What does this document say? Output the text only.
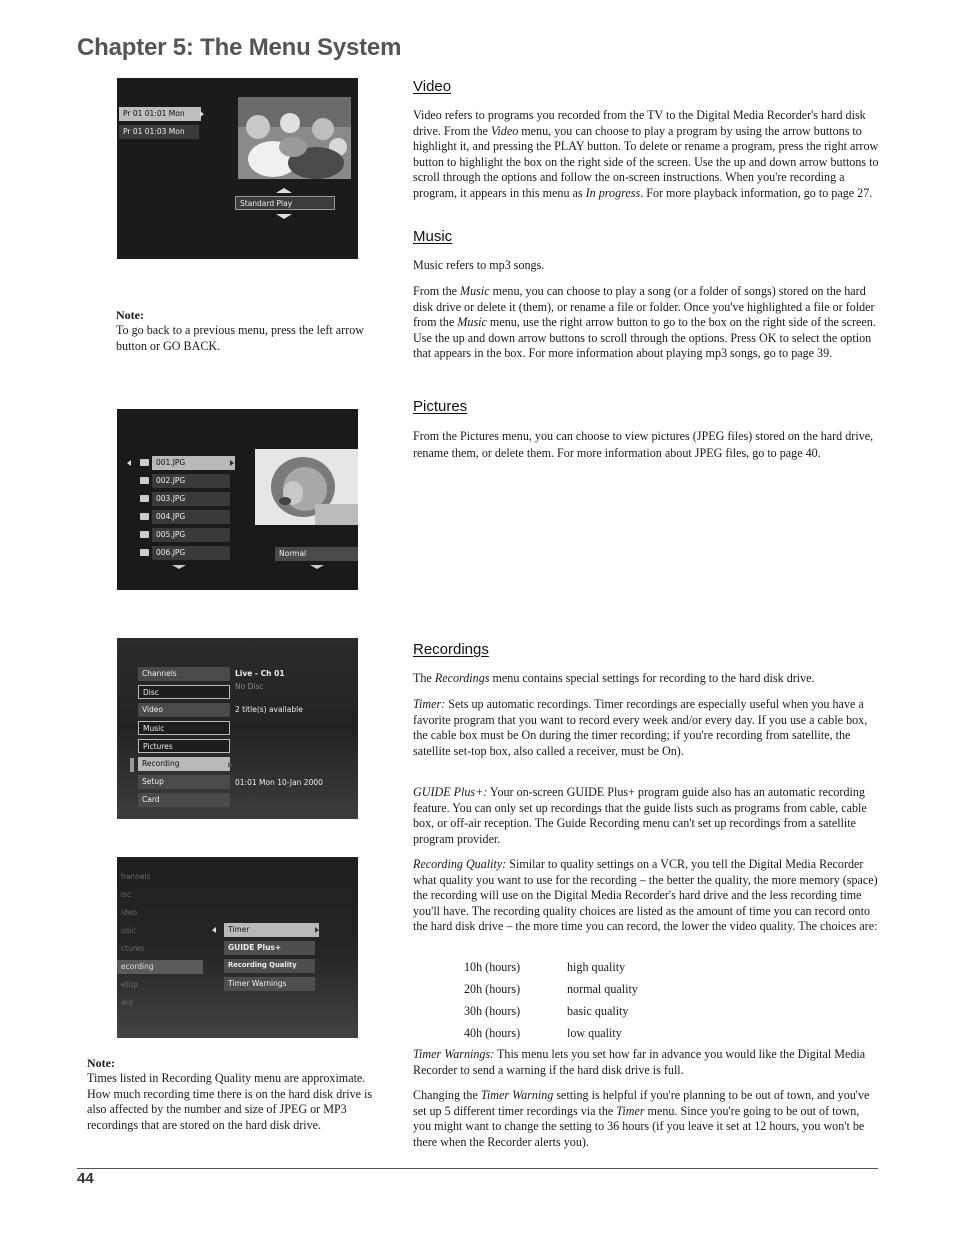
Chapter 5: The Menu System
Pr 01 01:01 Mon
Pr 01 01:03 Mon
Standard Play
Note:

To go back to a previous menu, press the left arrow button or GO BACK.

001.JPG
002.JPG
003.JPG
004.JPG
005.JPG
006.JPG	Normal
Channels
Disc
Video
Music
Pictures
Recording
Setup
Card
Live - Ch 01
No Disc
2 title(s) available
01:01 Mon 10-Jan 2000
hannels
isc
ideo
usic
ctures
ecording
etup
ard
Timer
GUIDE Plus+
Recording Quality
Timer Warnings
Note:

Times listed in Recording Quality menu are approximate. How much recording time there is on the hard disk drive is also affected by the number and size of JPEG or MP3 recordings that are stored on the hard disk drive.

Video

Video refers to programs you recorded from the TV to the Digital Media Recorder's hard disk drive. From the Video menu, you can choose to play a program by using the arrow buttons to highlight it, and pressing the PLAY button. To delete or rename a program, press the right arrow button to highlight the box on the right side of the screen. Use the up and down arrow buttons to scroll through the options and follow the on-screen instructions. When you're recording a program, it appears in this menu as In progress. For more playback information, go to page 27.

Music

Music refers to mp3 songs.

From the Music menu, you can choose to play a song (or a folder of songs) stored on the hard disk drive or delete it (them), or rename a file or folder. Once you've highlighted a file or folder from the Music menu, use the right arrow button to go to the box on the right side of the screen. Use the up and down arrow buttons to scroll through the options. Press OK to select the option that appears in the box. For more information about playing mp3 songs, go to page 39.

Pictures

From the Pictures menu, you can choose to view pictures (JPEG files) stored on the hard drive, rename them, or delete them. For more information about JPEG files, go to page 40.

Recordings

The Recordings menu contains special settings for recording to the hard disk drive.

Timer: Sets up automatic recordings. Timer recordings are especially useful when you have a favorite program that you want to record every week and/or every day. If you use a cable box, the cable box must be On during the timer recording; if you're recording from satellite, the satellite set-top box, also called a receiver, must be On).

GUIDE Plus+: Your on-screen GUIDE Plus+ program guide also has an automatic recording feature. You can only set up recordings that the guide lists such as programs from cable, cable box, or off-air reception. The Guide Recording menu can't set up recordings from a satellite program provider.

Recording Quality: Similar to quality settings on a VCR, you tell the Digital Media Recorder what quality you want to use for the recording – the better the quality, the more memory (space) the recording will use on the Digital Media Recorder's hard drive and the less recording time you'll have. The recording quality choices are listed as the amount of time you can record onto the hard disk drive – the more time you can record, the lower the video quality. The choices are:

10h (hours)	high quality
20h (hours)	normal quality
30h (hours)	basic quality
40h (hours)	low quality

Timer Warnings: This menu lets you set how far in advance you would like the Digital Media Recorder to send a warning if the hard disk drive is full.

Changing the Timer Warning setting is helpful if you're planning to be out of town, and you've set up 5 different timer recordings via the Timer menu. Since you're going to be out of town, you might want to change the setting to 36 hours (if you leave it set at 12 hours, you won't be there when the Recorder alerts you).

44
